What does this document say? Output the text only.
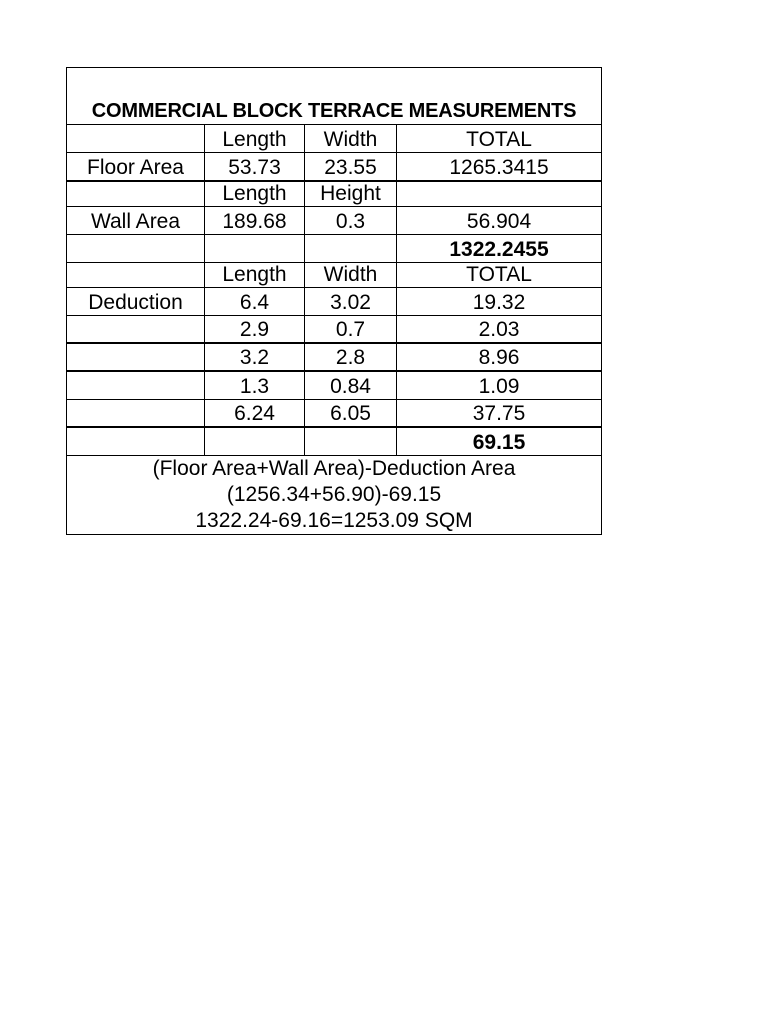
COMMERCIAL BLOCK TERRACE MEASUREMENTS			
	Length	Width	TOTAL
Floor Area	53.73	23.55	1265.3415
	Length	Height	
Wall Area	189.68	0.3	56.904
			1322.2455
	Length	Width	TOTAL
Deduction	6.4	3.02	19.32
	2.9	0.7	2.03
	3.2	2.8	8.96
	1.3	0.84	1.09
	6.24	6.05	37.75
			69.15

(Floor Area+Wall Area)-Deduction Area
(1256.34+56.90)-69.15
1322.24-69.16=1253.09 SQM			
